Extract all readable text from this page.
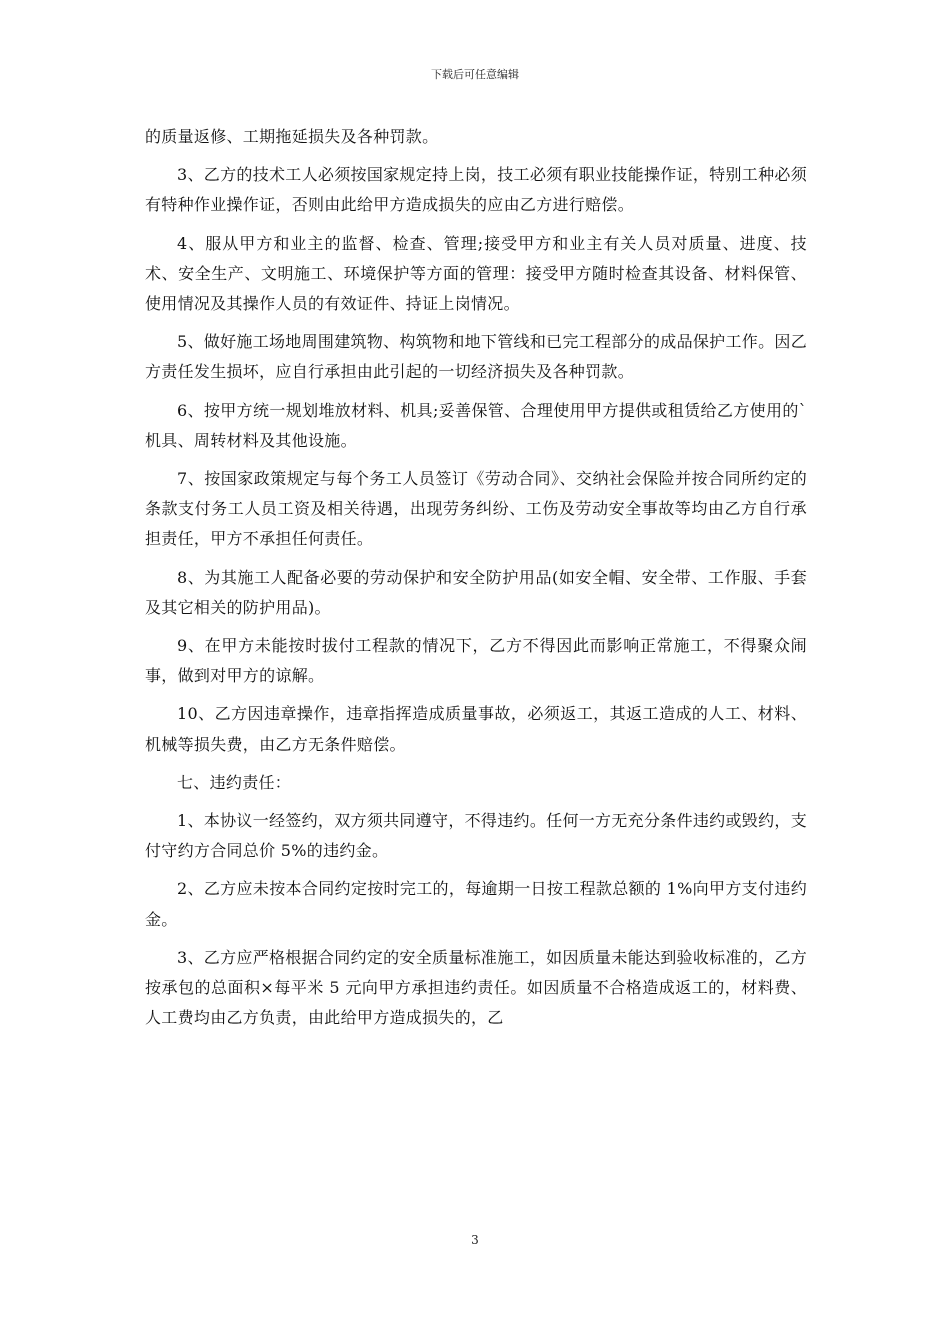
下载后可任意编辑

的质量返修、工期拖延损失及各种罚款。

3、乙方的技术工人必须按国家规定持上岗，技工必须有职业技能操作证，特别工种必须有特种作业操作证，否则由此给甲方造成损失的应由乙方进行赔偿。

4、服从甲方和业主的监督、检查、管理;接受甲方和业主有关人员对质量、进度、技术、安全生产、文明施工、环境保护等方面的管理：接受甲方随时检查其设备、材料保管、使用情况及其操作人员的有效证件、持证上岗情况。

5、做好施工场地周围建筑物、构筑物和地下管线和已完工程部分的成品保护工作。因乙方责任发生损坏，应自行承担由此引起的一切经济损失及各种罚款。

6、按甲方统一规划堆放材料、机具;妥善保管、合理使用甲方提供或租赁给乙方使用的`机具、周转材料及其他设施。

7、按国家政策规定与每个务工人员签订《劳动合同》、交纳社会保险并按合同所约定的条款支付务工人员工资及相关待遇，出现劳务纠纷、工伤及劳动安全事故等均由乙方自行承担责任，甲方不承担任何责任。

8、为其施工人配备必要的劳动保护和安全防护用品(如安全帽、安全带、工作服、手套及其它相关的防护用品)。

9、在甲方未能按时拔付工程款的情况下，乙方不得因此而影响正常施工，不得聚众闹事，做到对甲方的谅解。

10、乙方因违章操作，违章指挥造成质量事故，必须返工，其返工造成的人工、材料、机械等损失费，由乙方无条件赔偿。

七、违约责任：

1、本协议一经签约，双方须共同遵守，不得违约。任何一方无充分条件违约或毁约，支付守约方合同总价 5%的违约金。

2、乙方应未按本合同约定按时完工的，每逾期一日按工程款总额的 1%向甲方支付违约金。

3、乙方应严格根据合同约定的安全质量标准施工，如因质量未能达到验收标准的，乙方按承包的总面积×每平米 5 元向甲方承担违约责任。如因质量不合格造成返工的，材料费、人工费均由乙方负责，由此给甲方造成损失的，乙

3
